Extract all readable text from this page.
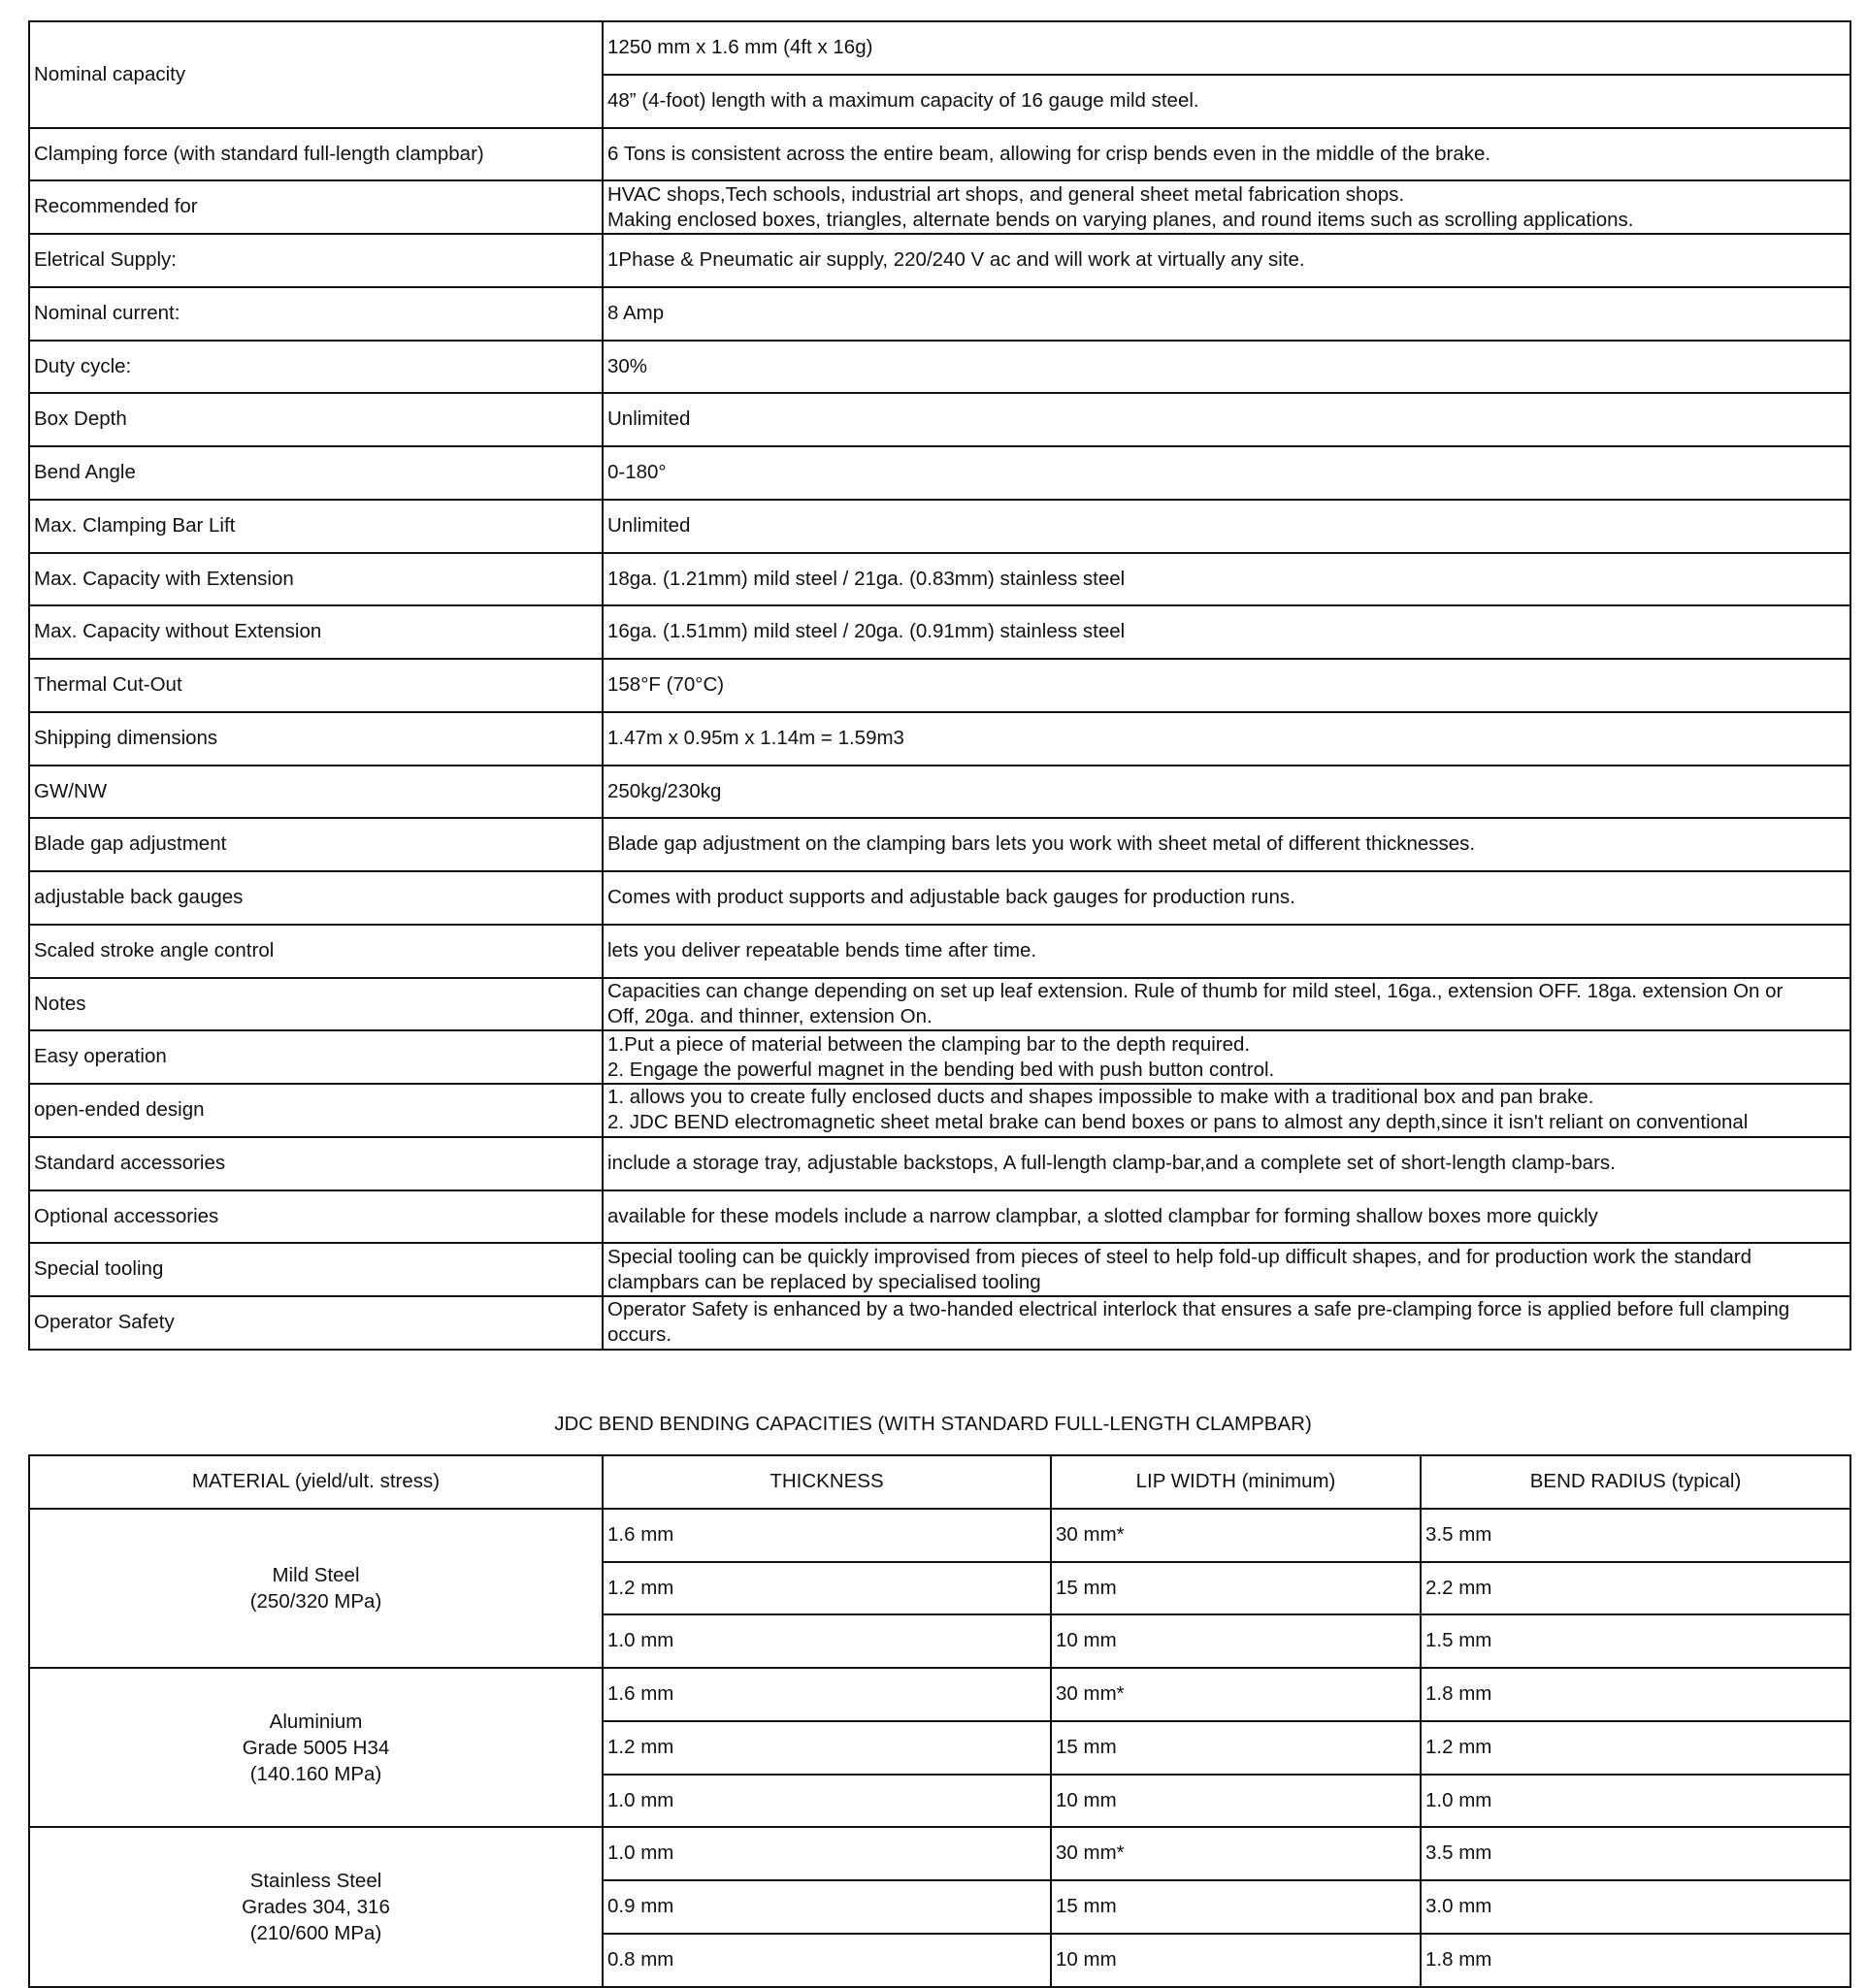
Nominal capacity	1250 mm x 1.6 mm (4ft x 16g)
	48” (4-foot) length with a maximum capacity of 16 gauge mild steel.
Clamping force (with standard full-length clampbar)	6 Tons is consistent across the entire beam, allowing for crisp bends even in the middle of the brake.

Recommended for	HVAC shops,Tech schools, industrial art shops, and general sheet metal fabrication shops.
Making enclosed boxes, triangles, alternate bends on varying planes, and round items such as scrolling applications.

Eletrical Supply:	1Phase & Pneumatic air supply, 220/240 V ac and will work at virtually any site.

Nominal current:	8 Amp

Duty cycle:	30%

Box Depth	Unlimited

Bend Angle	0-180°

Max. Clamping Bar Lift	Unlimited

Max. Capacity with Extension	18ga. (1.21mm) mild steel / 21ga. (0.83mm) stainless steel

Max. Capacity without Extension	16ga. (1.51mm) mild steel / 20ga. (0.91mm) stainless steel

Thermal Cut-Out	158°F (70°C)

Shipping dimensions	1.47m x 0.95m x 1.14m = 1.59m3

GW/NW	250kg/230kg

Blade gap adjustment	Blade gap adjustment on the clamping bars lets you work with sheet metal of different thicknesses.

adjustable back gauges	Comes with product supports and adjustable back gauges for production runs.

Scaled stroke angle control	lets you deliver repeatable bends time after time.

Notes	Capacities can change depending on set up leaf extension. Rule of thumb for mild steel, 16ga., extension OFF. 18ga. extension On or
Off, 20ga. and thinner, extension On.

Easy operation	1.Put a piece of material between the clamping bar to the depth required.
2. Engage the powerful magnet in the bending bed with push button control.

open-ended design	1. allows you to create fully enclosed ducts and shapes impossible to make with a traditional box and pan brake.
2. JDC BEND electromagnetic sheet metal brake can bend boxes or pans to almost any depth,since it isn't reliant on conventional

Standard accessories	include a storage tray, adjustable backstops, A full-length clamp-bar,and a complete set of short-length clamp-bars.

Optional accessories	available for these models include a narrow clampbar, a slotted clampbar for forming shallow boxes more quickly

Special tooling	Special tooling can be quickly improvised from pieces of steel to help fold-up difficult shapes, and for production work the standard
clampbars can be replaced by specialised tooling

Operator Safety	Operator Safety is enhanced by a two-handed electrical interlock that ensures a safe pre-clamping force is applied before full clamping
occurs.
JDC BEND BENDING CAPACITIES (WITH STANDARD FULL-LENGTH CLAMPBAR)
MATERIAL (yield/ult. stress)	THICKNESS	LIP WIDTH (minimum)	BEND RADIUS (typical)

Mild Steel
(250/320 MPa)	1.6 mm	30 mm*	3.5 mm
	1.2 mm	15 mm	2.2 mm
	1.0 mm	10 mm	1.5 mm

Aluminium
Grade 5005 H34
(140.160 MPa)	1.6 mm	30 mm*	1.8 mm
	1.2 mm	15 mm	1.2 mm
	1.0 mm	10 mm	1.0 mm

Stainless Steel
Grades 304, 316
(210/600 MPa)	1.0 mm	30 mm*	3.5 mm
	0.9 mm	15 mm	3.0 mm
	0.8 mm	10 mm	1.8 mm
